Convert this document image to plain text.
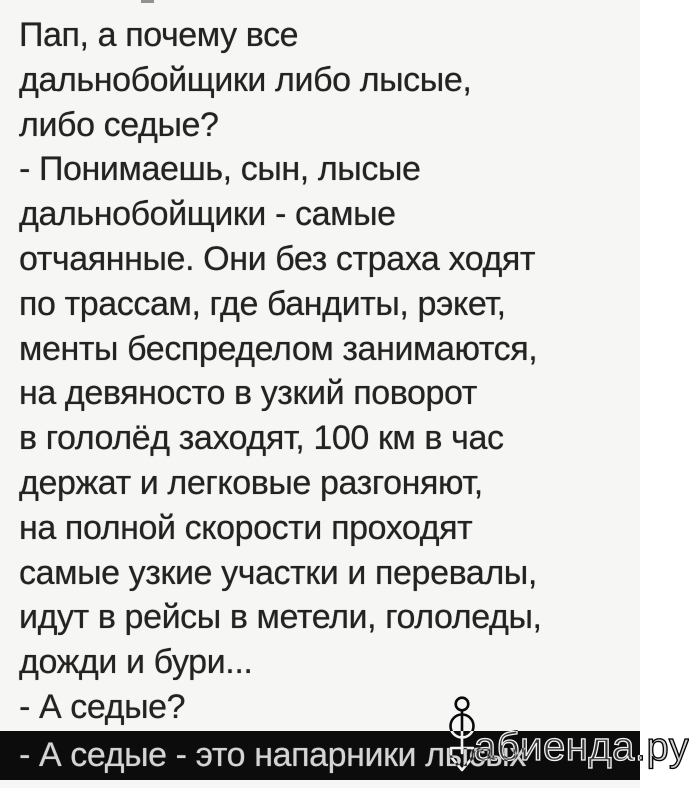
Пап, а почему все
дальнобойщики либо лысые,
либо седые?
- Понимаешь, сын, лысые
дальнобойщики - самые
отчаянные. Они без страха ходят
по трассам, где бандиты, рэкет,
менты беспределом занимаются,
на девяносто в узкий поворот
в гололёд заходят, 100 км в час
держат и легковые разгоняют,
на полной скорости проходят
самые узкие участки и перевалы,
идут в рейсы в метели, гололеды,
дожди и бури...
- А седые?
- А седые - это напарники лысых
